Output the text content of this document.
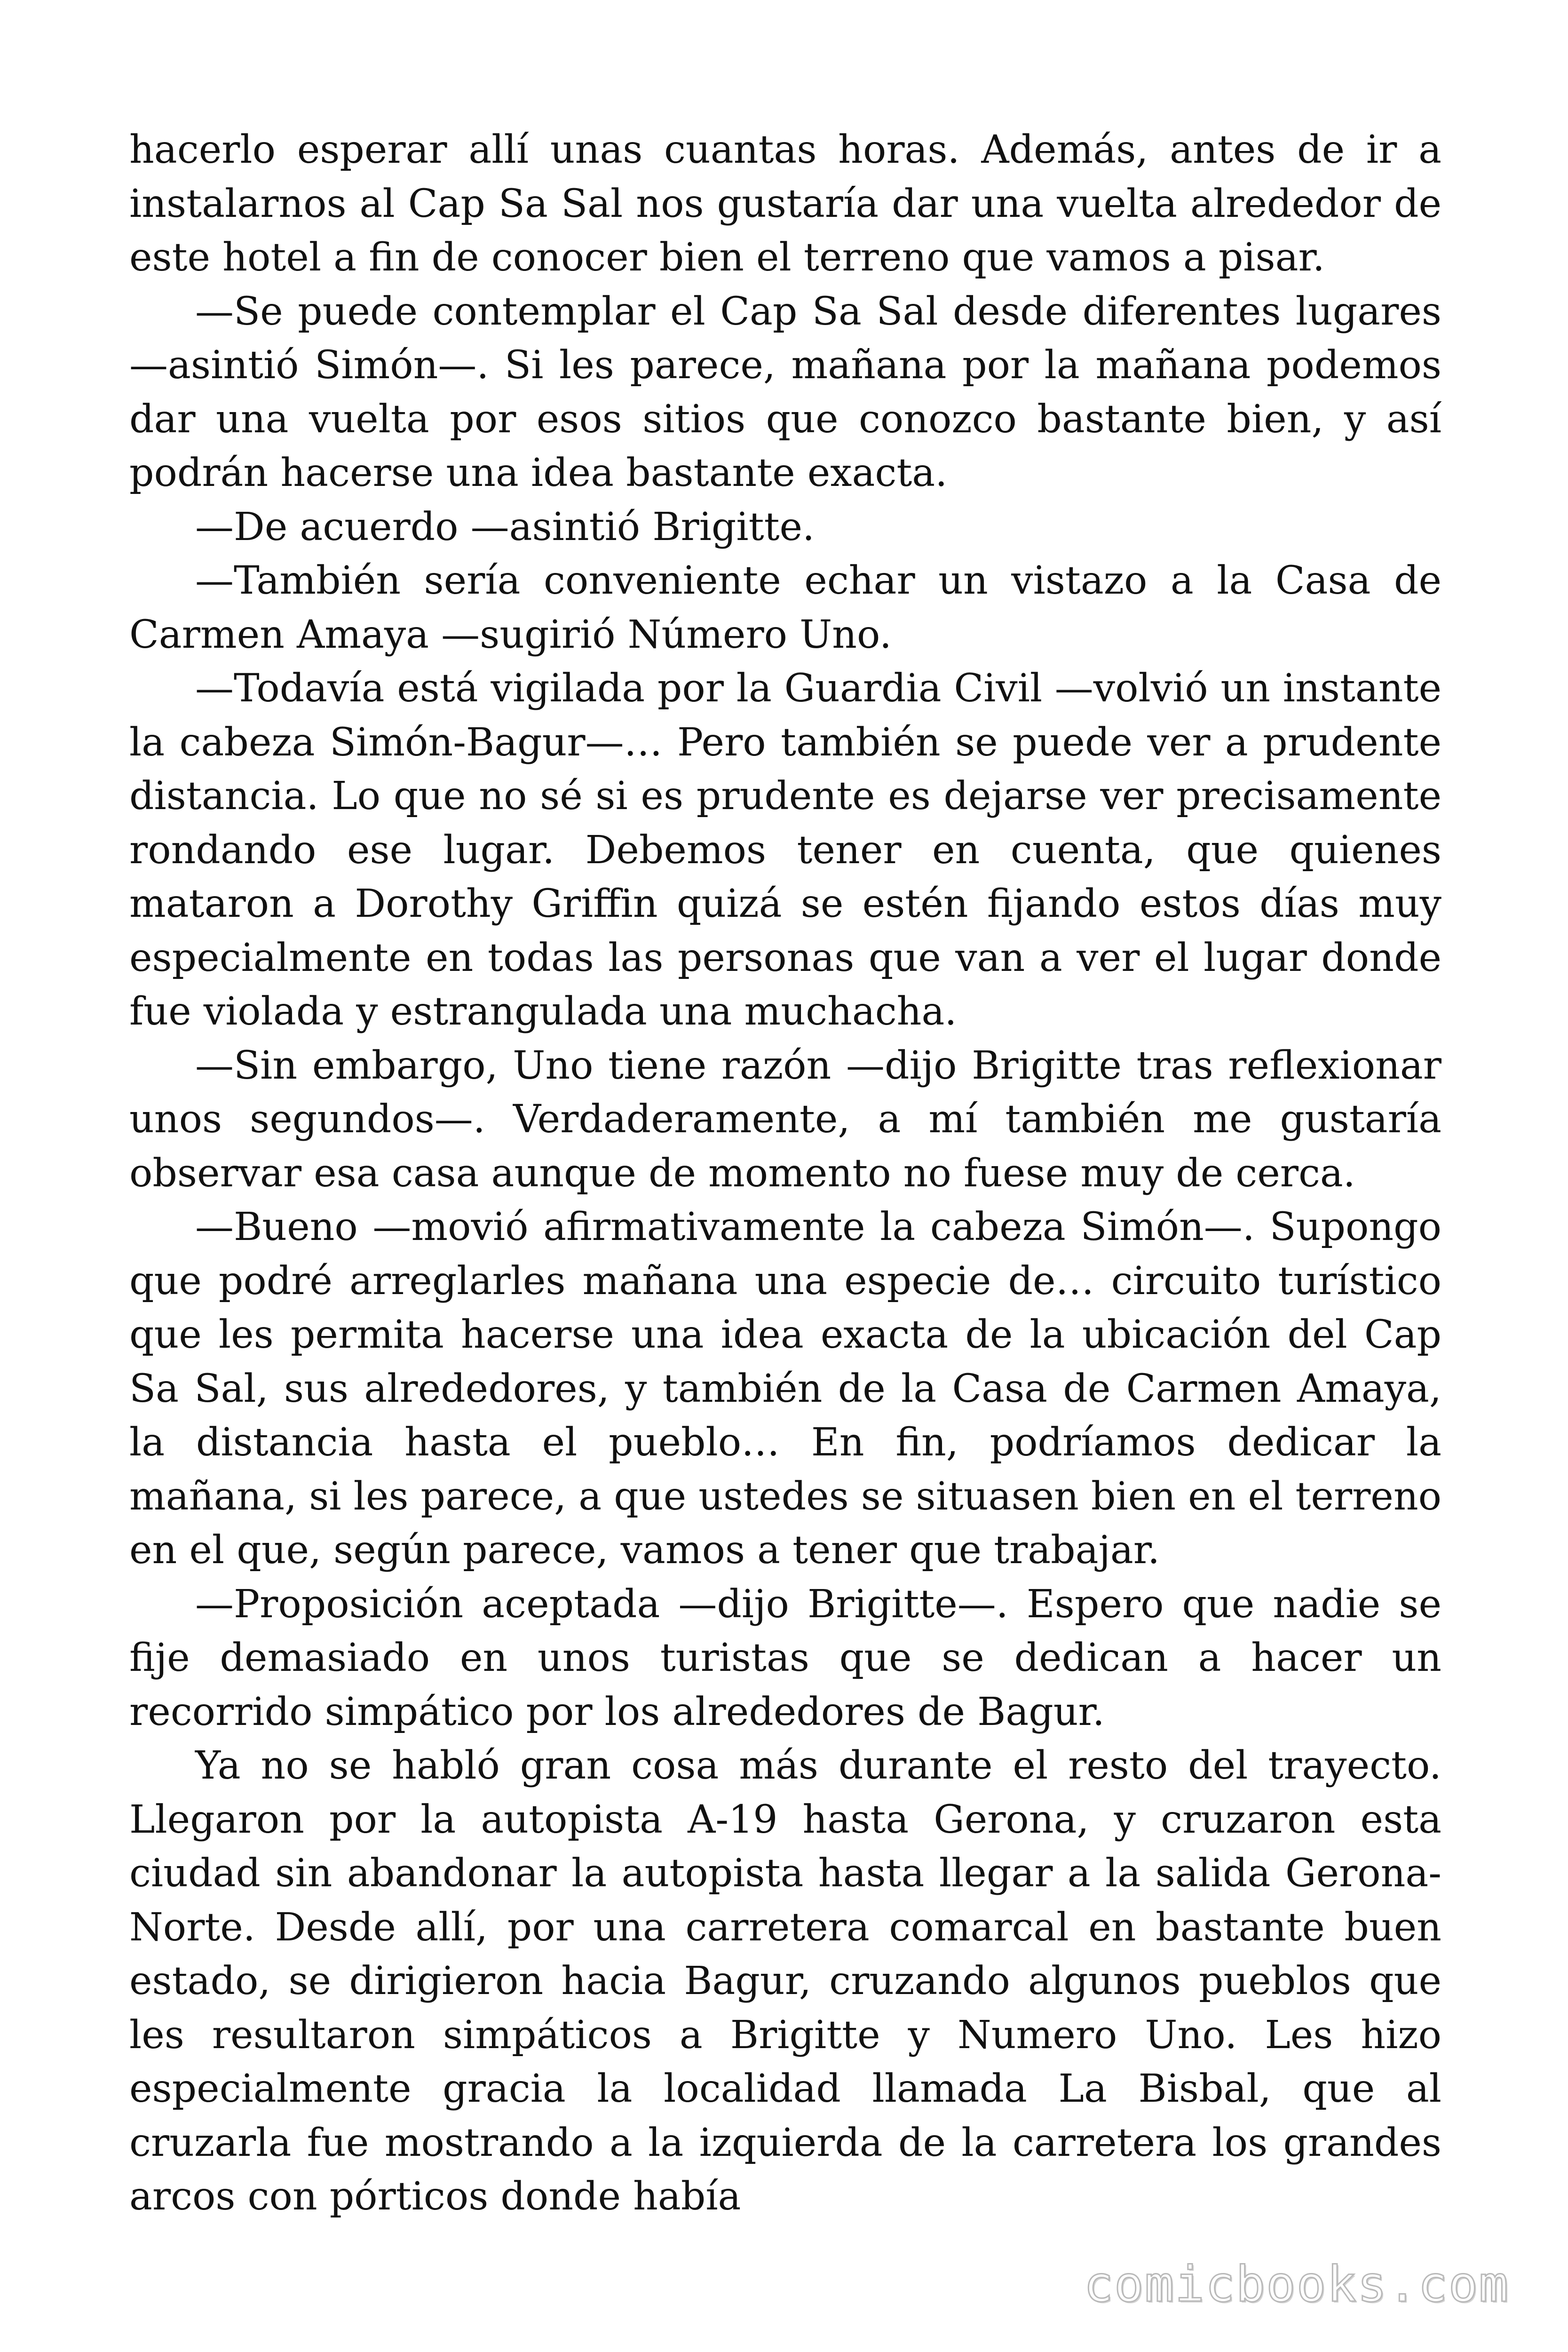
hacerlo esperar allí unas cuantas horas. Además, antes de ir a instalarnos al Cap Sa Sal nos gustaría dar una vuelta alrededor de este hotel a fin de conocer bien el terreno que vamos a pisar.

—Se puede contemplar el Cap Sa Sal desde diferentes lugares —asintió Simón—. Si les parece, mañana por la mañana podemos dar una vuelta por esos sitios que conozco bastante bien, y así podrán hacerse una idea bastante exacta.

—De acuerdo —asintió Brigitte.

—También sería conveniente echar un vistazo a la Casa de Carmen Amaya —sugirió Número Uno.

—Todavía está vigilada por la Guardia Civil —volvió un instante la cabeza Simón-Bagur—… Pero también se puede ver a prudente distancia. Lo que no sé si es prudente es dejarse ver precisamente rondando ese lugar. Debemos tener en cuenta, que quienes mataron a Dorothy Griffin quizá se estén fijando estos días muy especialmente en todas las personas que van a ver el lugar donde fue violada y estrangulada una muchacha.

—Sin embargo, Uno tiene razón —dijo Brigitte tras reflexionar unos segundos—. Verdaderamente, a mí también me gustaría observar esa casa aunque de momento no fuese muy de cerca.

—Bueno —movió afirmativamente la cabeza Simón—. Supongo que podré arreglarles mañana una especie de… circuito turístico que les permita hacerse una idea exacta de la ubicación del Cap Sa Sal, sus alrededores, y también de la Casa de Carmen Amaya, la distancia hasta el pueblo… En fin, podríamos dedicar la mañana, si les parece, a que ustedes se situasen bien en el terreno en el que, según parece, vamos a tener que trabajar.

—Proposición aceptada —dijo Brigitte—. Espero que nadie se fije demasiado en unos turistas que se dedican a hacer un recorrido simpático por los alrededores de Bagur.

Ya no se habló gran cosa más durante el resto del trayecto. Llegaron por la autopista A-19 hasta Gerona, y cruzaron esta ciudad sin abandonar la autopista hasta llegar a la salida Gerona-Norte. Desde allí, por una carretera comarcal en bastante buen estado, se dirigieron hacia Bagur, cruzando algunos pueblos que les resultaron simpáticos a Brigitte y Numero Uno. Les hizo especialmente gracia la localidad llamada La Bisbal, que al cruzarla fue mostrando a la izquierda de la carretera los grandes arcos con pórticos donde había

comicbooks.com
